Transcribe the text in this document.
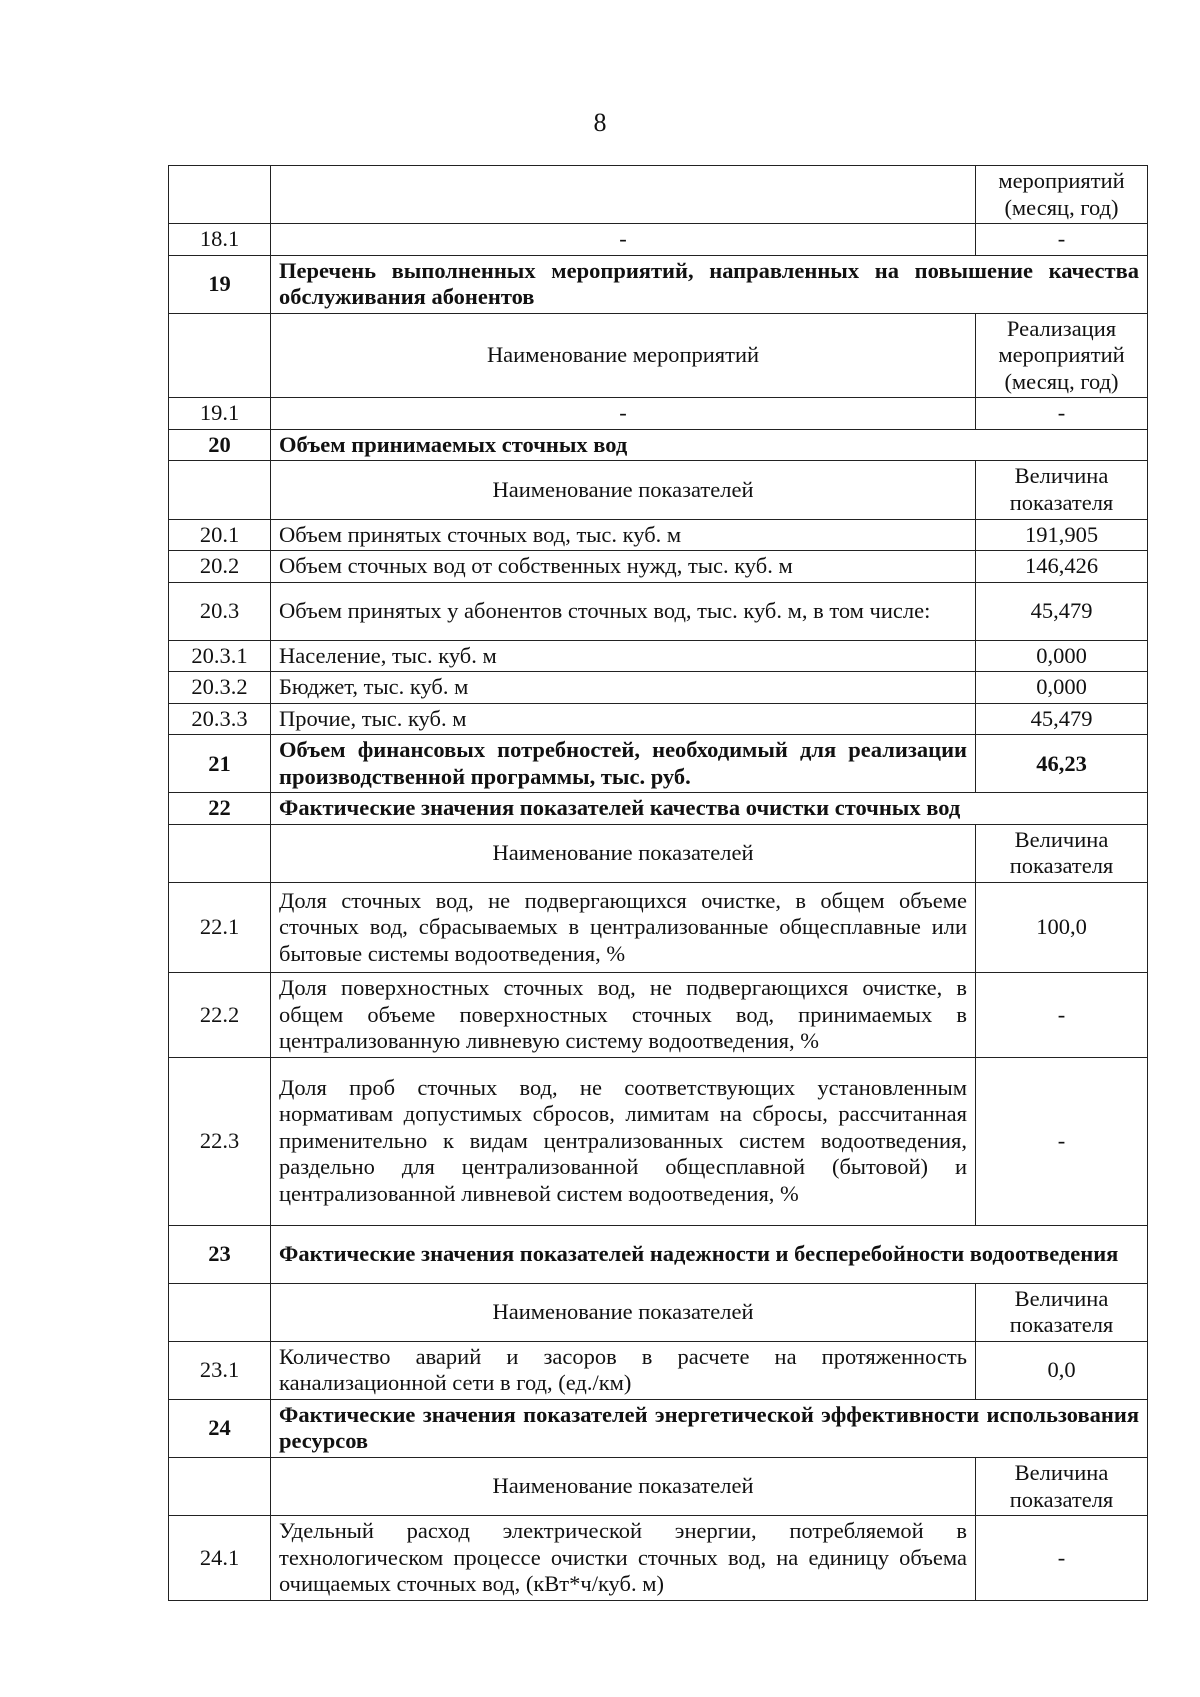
8
		мероприятий (месяц, год)
18.1	-	-
19	Перечень выполненных мероприятий, направленных на повышение качества обслуживания абонентов	
	Наименование мероприятий	Реализация мероприятий (месяц, год)
19.1	-	-
20	Объем принимаемых сточных вод	
	Наименование показателей	Величина показателя
20.1	Объем принятых сточных вод, тыс. куб. м	191,905
20.2	Объем сточных вод от собственных нужд, тыс. куб. м	146,426
20.3	Объем принятых у абонентов сточных вод, тыс. куб. м, в том числе:	45,479
20.3.1	Население, тыс. куб. м	0,000
20.3.2	Бюджет, тыс. куб. м	0,000
20.3.3	Прочие, тыс. куб. м	45,479
21	Объем финансовых потребностей, необходимый для реализации производственной программы, тыс. руб.	46,23
22	Фактические значения показателей качества очистки сточных вод	
	Наименование показателей	Величина показателя
22.1	Доля сточных вод, не подвергающихся очистке, в общем объеме сточных вод, сбрасываемых в централизованные общесплавные или бытовые системы водоотведения, %	100,0
22.2	Доля поверхностных сточных вод, не подвергающихся очистке, в общем объеме поверхностных сточных вод, принимаемых в централизованную ливневую систему водоотведения, %	-
22.3	Доля проб сточных вод, не соответствующих установленным нормативам допустимых сбросов, лимитам на сбросы, рассчитанная применительно к видам централизованных систем водоотведения, раздельно для централизованной общесплавной (бытовой) и централизованной ливневой систем водоотведения, %	-
23	Фактические значения показателей надежности и бесперебойности водоотведения	
	Наименование показателей	Величина показателя
23.1	Количество аварий и засоров в расчете на протяженность канализационной сети в год, (ед./км)	0,0
24	Фактические значения показателей энергетической эффективности использования ресурсов	
	Наименование показателей	Величина показателя
24.1	Удельный расход электрической энергии, потребляемой в технологическом процессе очистки сточных вод, на единицу объема очищаемых сточных вод, (кВт*ч/куб. м)	-
